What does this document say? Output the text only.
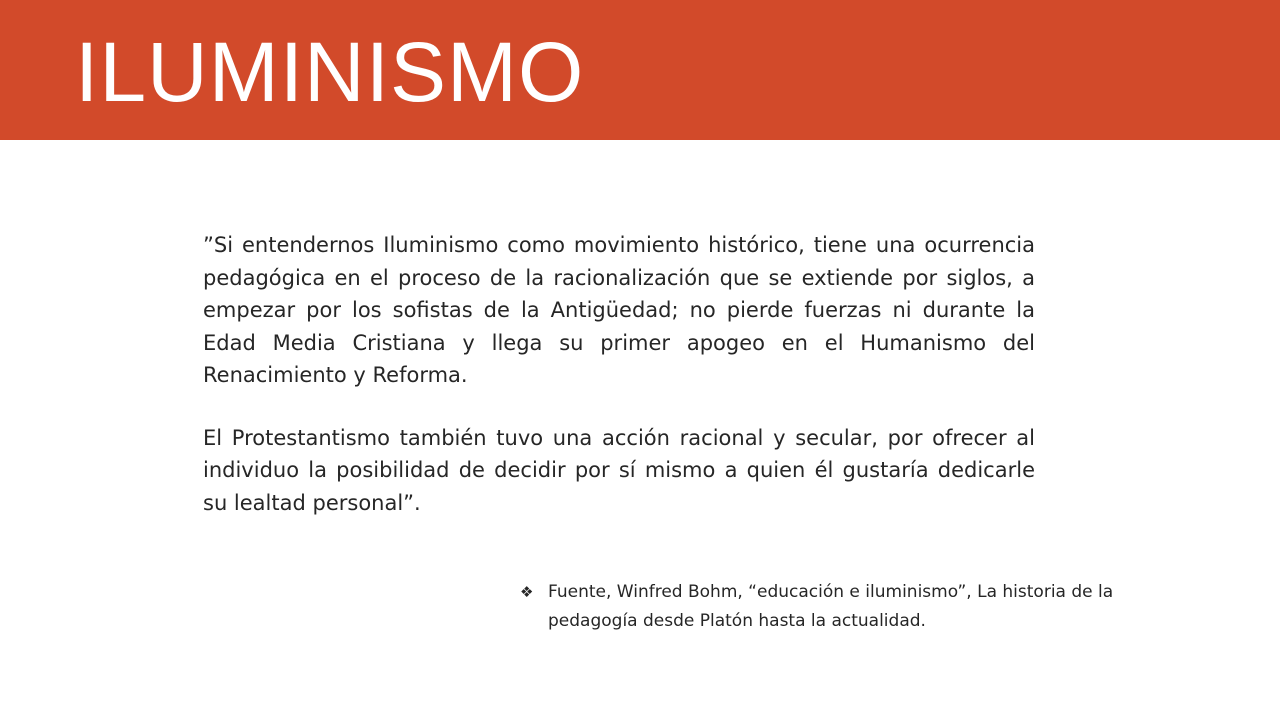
ILUMINISMO

”Si entendernos Iluminismo como movimiento histórico, tiene una ocurrencia pedagógica en el proceso de la racionalización que se extiende por siglos, a empezar por los sofistas de la Antigüedad; no pierde fuerzas ni durante la Edad Media Cristiana y llega su primer apogeo en el Humanismo del Renacimiento y Reforma.

El Protestantismo también tuvo una acción racional y secular, por ofrecer al individuo la posibilidad de decidir por sí mismo a quien él gustaría dedicarle su lealtad personal”.

❖ Fuente, Winfred Bohm, “educación e iluminismo”, La historia de la pedagogía desde Platón hasta la actualidad.
